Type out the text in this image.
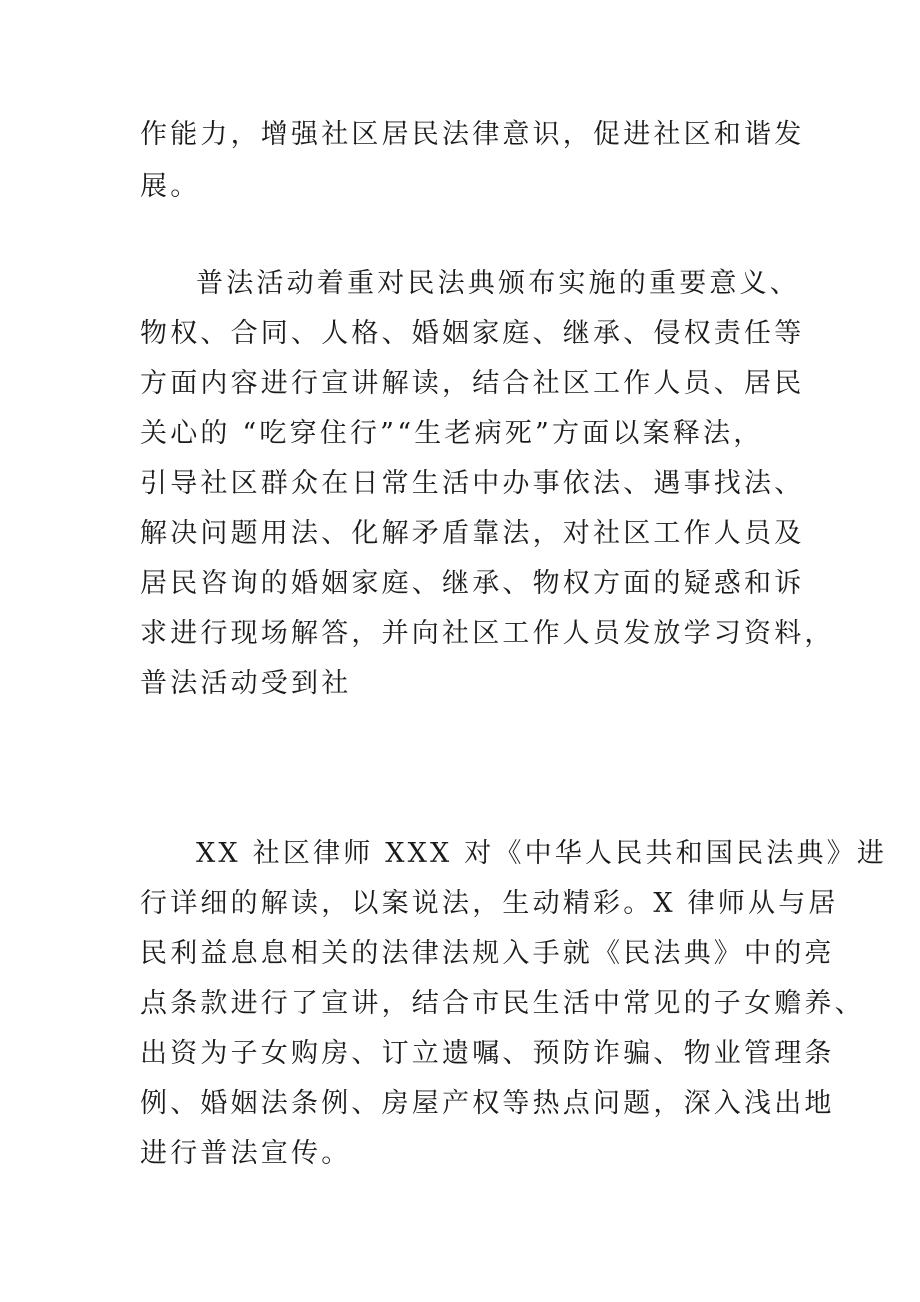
作能力，增强社区居民法律意识，促进社区和谐发

展。

普法活动着重对民法典颁布实施的重要意义、

物权、合同、人格、婚姻家庭、继承、侵权责任等

方面内容进行宣讲解读，结合社区工作人员、居民

关心的 “吃穿住行”“生老病死”方面以案释法，

引导社区群众在日常生活中办事依法、遇事找法、

解决问题用法、化解矛盾靠法，对社区工作人员及

居民咨询的婚姻家庭、继承、物权方面的疑惑和诉

求进行现场解答，并向社区工作人员发放学习资料，

普法活动受到社

XX 社区律师 XXX 对《中华人民共和国民法典》进

行详细的解读，以案说法，生动精彩。X 律师从与居

民利益息息相关的法律法规入手就《民法典》中的亮

点条款进行了宣讲，结合市民生活中常见的子女赡养、

出资为子女购房、订立遗嘱、预防诈骗、物业管理条

例、婚姻法条例、房屋产权等热点问题，深入浅出地

进行普法宣传。
